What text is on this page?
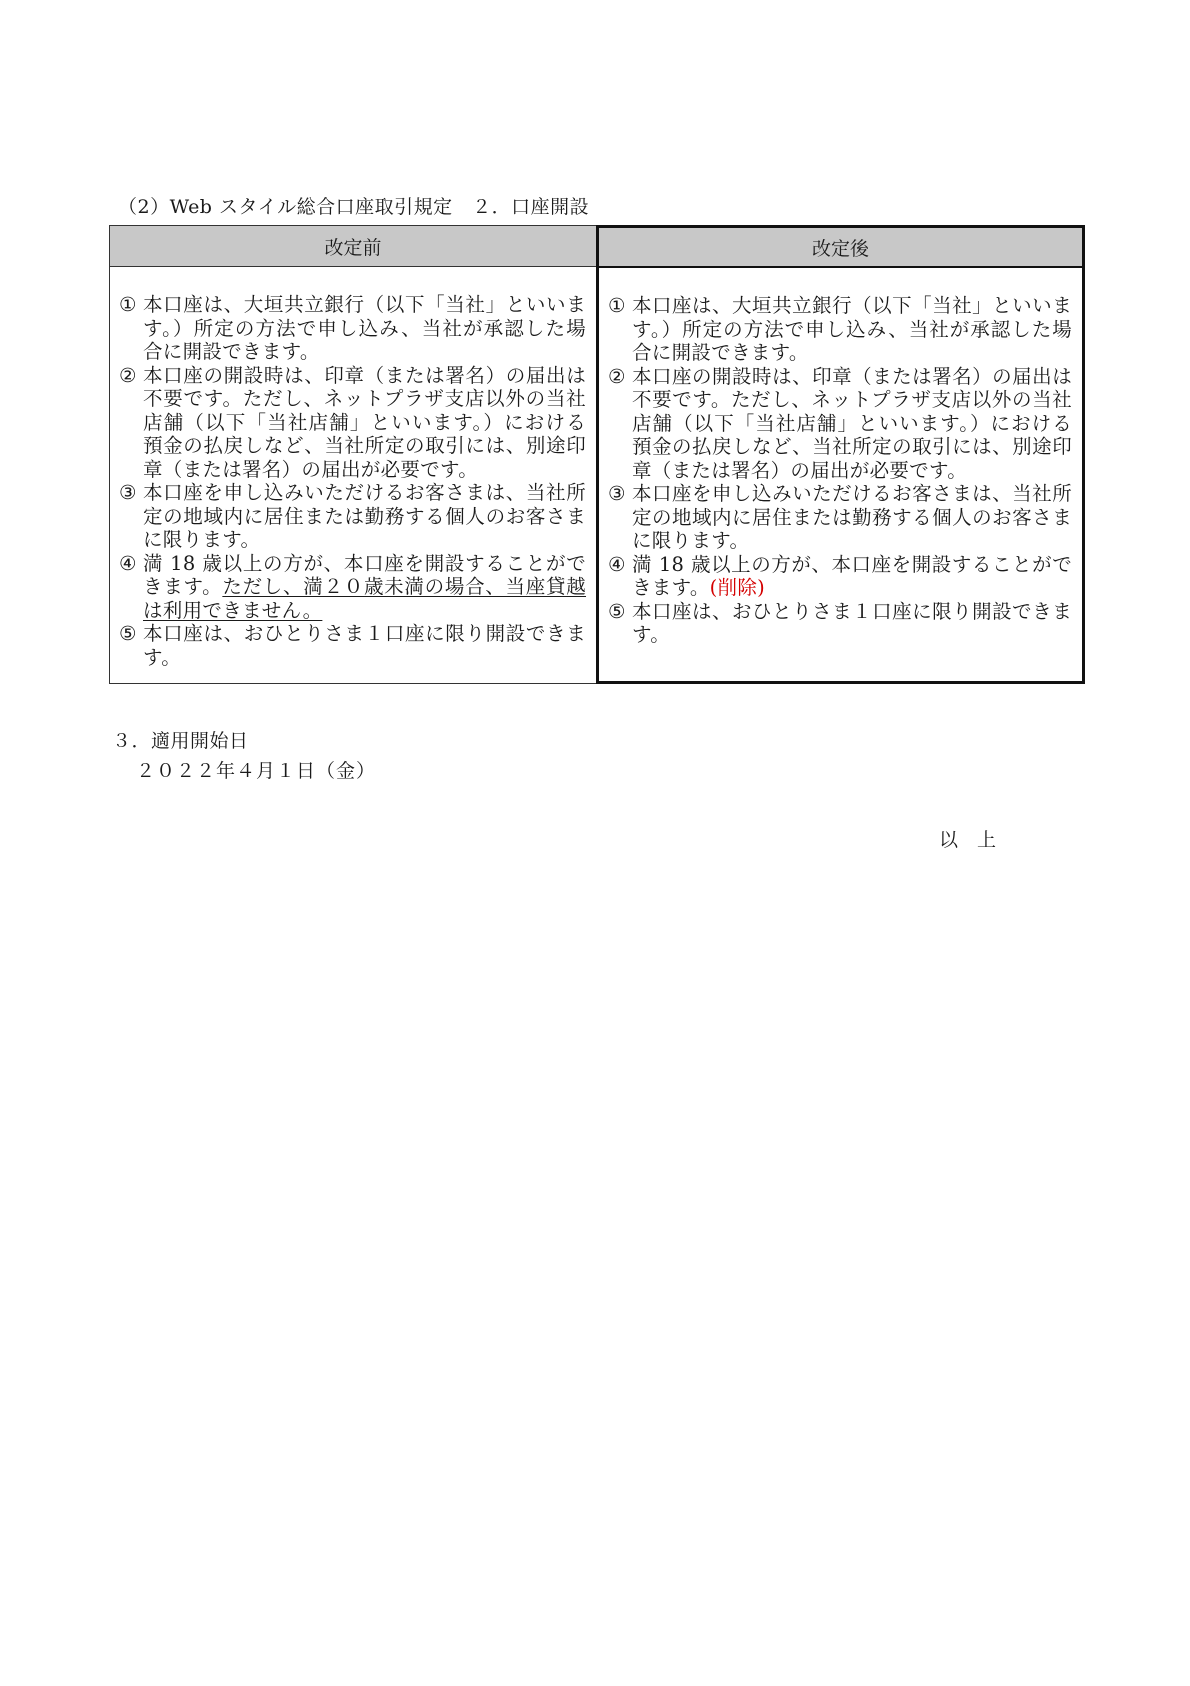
（2）Web スタイル総合口座取引規定　２．口座開設
改定前
① 本口座は、大垣共立銀行（以下「当社」といいます。）所定の方法で申し込み、当社が承認した場合に開設できます。
② 本口座の開設時は、印章（または署名）の届出は不要です。ただし、ネットプラザ支店以外の当社店舗（以下「当社店舗」といいます。）における預金の払戻しなど、当社所定の取引には、別途印章（または署名）の届出が必要です。
③ 本口座を申し込みいただけるお客さまは、当社所定の地域内に居住または勤務する個人のお客さまに限ります。
④ 満 18 歳以上の方が、本口座を開設することができます。ただし、満２０歳未満の場合、当座貸越は利用できません。
⑤ 本口座は、おひとりさま１口座に限り開設できます。
改定後
① 本口座は、大垣共立銀行（以下「当社」といいます。）所定の方法で申し込み、当社が承認した場合に開設できます。
② 本口座の開設時は、印章（または署名）の届出は不要です。ただし、ネットプラザ支店以外の当社店舗（以下「当社店舗」といいます。）における預金の払戻しなど、当社所定の取引には、別途印章（または署名）の届出が必要です。
③ 本口座を申し込みいただけるお客さまは、当社所定の地域内に居住または勤務する個人のお客さまに限ります。
④ 満 18 歳以上の方が、本口座を開設することができます。(削除)
⑤ 本口座は、おひとりさま１口座に限り開設できます。
３．適用開始日
２０２２年４月１日（金）
以　上
